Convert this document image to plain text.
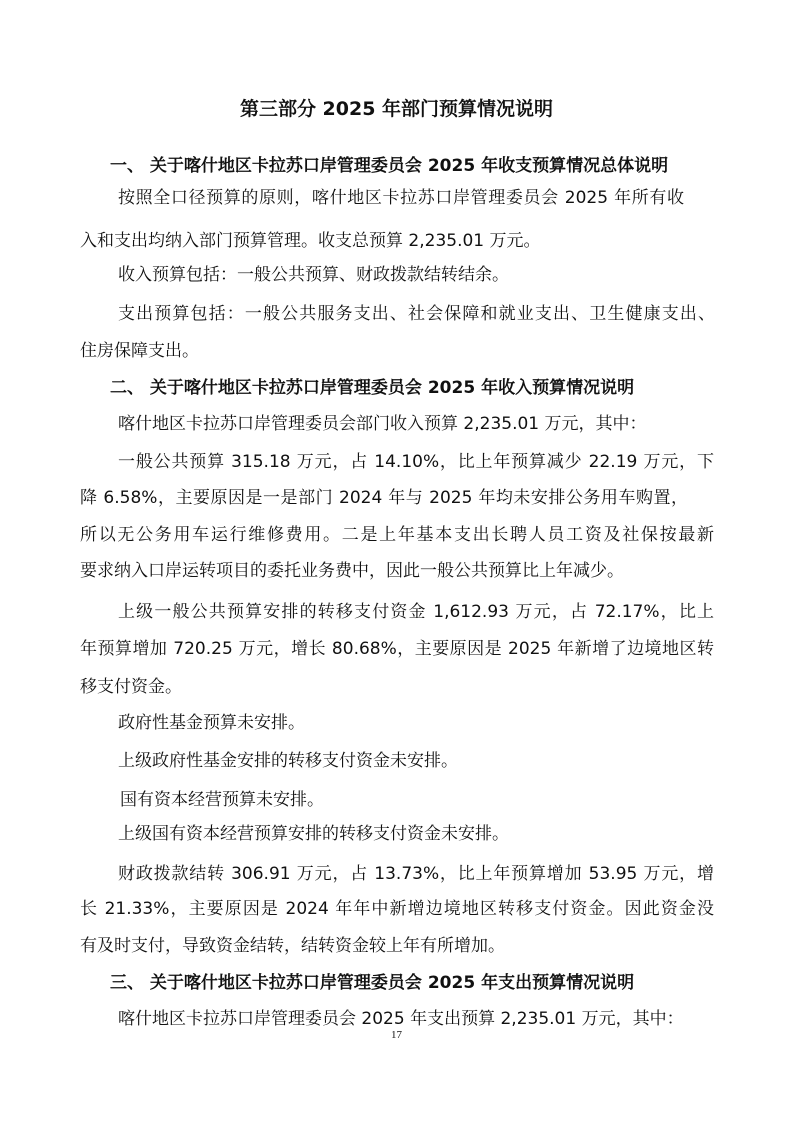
第三部分 2025 年部门预算情况说明
一、 关于喀什地区卡拉苏口岸管理委员会 2025 年收支预算情况总体说明
按照全口径预算的原则，喀什地区卡拉苏口岸管理委员会 2025 年所有收
入和支出均纳入部门预算管理。收支总预算 2,235.01 万元。
收入预算包括：一般公共预算、财政拨款结转结余。
支出预算包括：一般公共服务支出、社会保障和就业支出、卫生健康支出、
住房保障支出。
二、 关于喀什地区卡拉苏口岸管理委员会 2025 年收入预算情况说明
喀什地区卡拉苏口岸管理委员会部门收入预算 2,235.01 万元，其中：
一般公共预算 315.18 万元，占 14.10%，比上年预算减少 22.19 万元，下
降 6.58%，主要原因是一是部门 2024 年与 2025 年均未安排公务用车购置，
所以无公务用车运行维修费用。二是上年基本支出长聘人员工资及社保按最新
要求纳入口岸运转项目的委托业务费中，因此一般公共预算比上年减少。
上级一般公共预算安排的转移支付资金 1,612.93 万元，占 72.17%，比上
年预算增加 720.25 万元，增长 80.68%，主要原因是 2025 年新增了边境地区转
移支付资金。
政府性基金预算未安排。
上级政府性基金安排的转移支付资金未安排。
国有资本经营预算未安排。
上级国有资本经营预算安排的转移支付资金未安排。
财政拨款结转 306.91 万元，占 13.73%，比上年预算增加 53.95 万元，增
长 21.33%，主要原因是 2024 年年中新增边境地区转移支付资金。因此资金没
有及时支付，导致资金结转，结转资金较上年有所增加。
三、 关于喀什地区卡拉苏口岸管理委员会 2025 年支出预算情况说明
喀什地区卡拉苏口岸管理委员会 2025 年支出预算 2,235.01 万元，其中：
17
